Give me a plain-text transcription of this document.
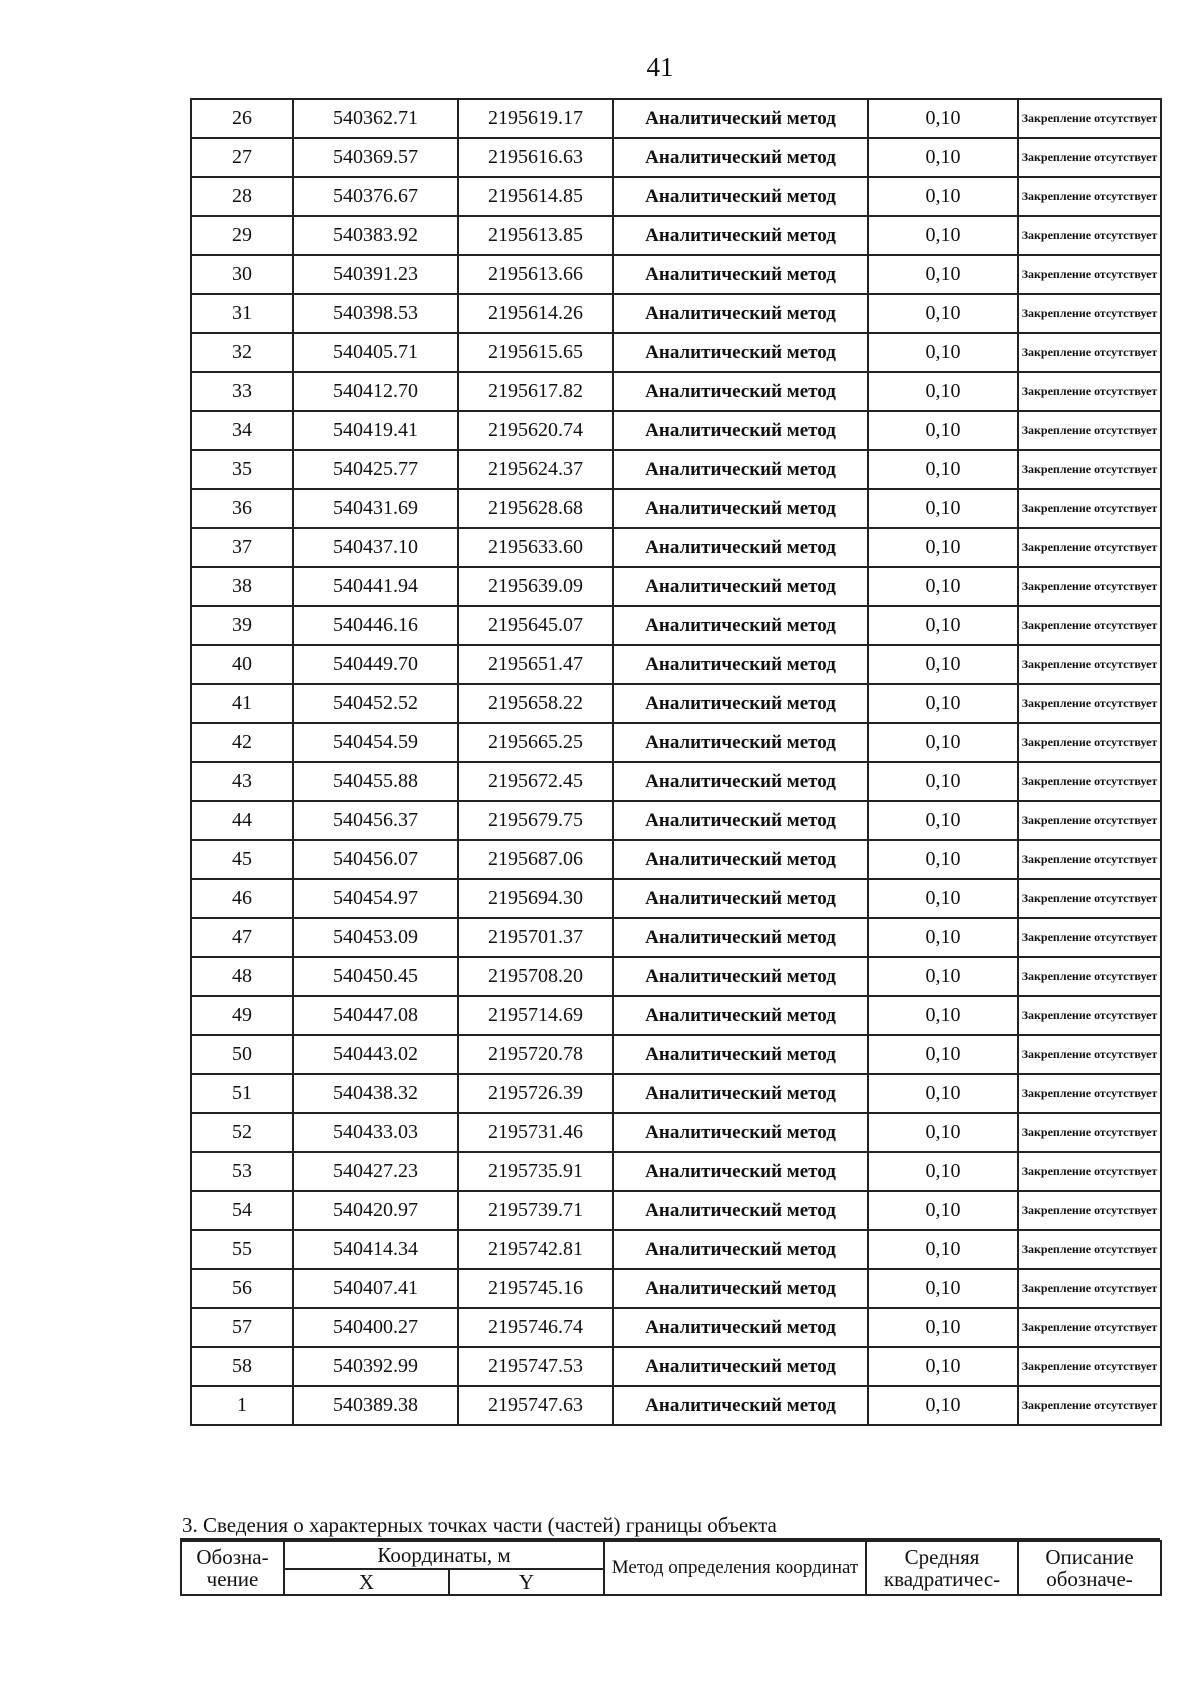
41
26	540362.71	2195619.17	Аналитический метод	0,10	Закрепление отсутствует
27	540369.57	2195616.63	Аналитический метод	0,10	Закрепление отсутствует
28	540376.67	2195614.85	Аналитический метод	0,10	Закрепление отсутствует
29	540383.92	2195613.85	Аналитический метод	0,10	Закрепление отсутствует
30	540391.23	2195613.66	Аналитический метод	0,10	Закрепление отсутствует
31	540398.53	2195614.26	Аналитический метод	0,10	Закрепление отсутствует
32	540405.71	2195615.65	Аналитический метод	0,10	Закрепление отсутствует
33	540412.70	2195617.82	Аналитический метод	0,10	Закрепление отсутствует
34	540419.41	2195620.74	Аналитический метод	0,10	Закрепление отсутствует
35	540425.77	2195624.37	Аналитический метод	0,10	Закрепление отсутствует
36	540431.69	2195628.68	Аналитический метод	0,10	Закрепление отсутствует
37	540437.10	2195633.60	Аналитический метод	0,10	Закрепление отсутствует
38	540441.94	2195639.09	Аналитический метод	0,10	Закрепление отсутствует
39	540446.16	2195645.07	Аналитический метод	0,10	Закрепление отсутствует
40	540449.70	2195651.47	Аналитический метод	0,10	Закрепление отсутствует
41	540452.52	2195658.22	Аналитический метод	0,10	Закрепление отсутствует
42	540454.59	2195665.25	Аналитический метод	0,10	Закрепление отсутствует
43	540455.88	2195672.45	Аналитический метод	0,10	Закрепление отсутствует
44	540456.37	2195679.75	Аналитический метод	0,10	Закрепление отсутствует
45	540456.07	2195687.06	Аналитический метод	0,10	Закрепление отсутствует
46	540454.97	2195694.30	Аналитический метод	0,10	Закрепление отсутствует
47	540453.09	2195701.37	Аналитический метод	0,10	Закрепление отсутствует
48	540450.45	2195708.20	Аналитический метод	0,10	Закрепление отсутствует
49	540447.08	2195714.69	Аналитический метод	0,10	Закрепление отсутствует
50	540443.02	2195720.78	Аналитический метод	0,10	Закрепление отсутствует
51	540438.32	2195726.39	Аналитический метод	0,10	Закрепление отсутствует
52	540433.03	2195731.46	Аналитический метод	0,10	Закрепление отсутствует
53	540427.23	2195735.91	Аналитический метод	0,10	Закрепление отсутствует
54	540420.97	2195739.71	Аналитический метод	0,10	Закрепление отсутствует
55	540414.34	2195742.81	Аналитический метод	0,10	Закрепление отсутствует
56	540407.41	2195745.16	Аналитический метод	0,10	Закрепление отсутствует
57	540400.27	2195746.74	Аналитический метод	0,10	Закрепление отсутствует
58	540392.99	2195747.53	Аналитический метод	0,10	Закрепление отсутствует
1	540389.38	2195747.63	Аналитический метод	0,10	Закрепление отсутствует
3. Сведения о характерных точках части (частей) границы объекта
Обозна- чение	Координаты, м		Метод определения координат	Средняя квадратичес-	Описание обозначе-
	X	Y			
